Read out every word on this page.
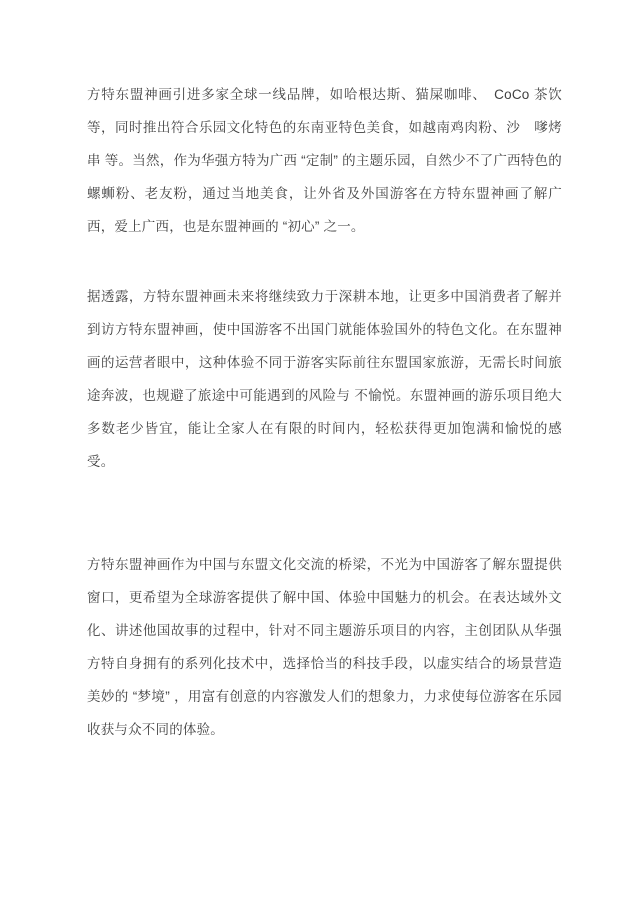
方特东盟神画引进多家全球一线品牌，如哈根达斯、猫屎咖啡、　CoCo 茶饮等，同时推出符合乐园文化特色的东南亚特色美食，如越南鸡肉粉、沙　嗲烤串 等。当然，作为华强方特为广西 “定制” 的主题乐园，自然少不了广西特色的螺蛳粉、老友粉，通过当地美食，让外省及外国游客在方特东盟神画了解广西，爱上广西，也是东盟神画的 “初心” 之一。

据透露，方特东盟神画未来将继续致力于深耕本地，让更多中国消费者了解并到访方特东盟神画，使中国游客不出国门就能体验国外的特色文化。在东盟神画的运营者眼中，这种体验不同于游客实际前往东盟国家旅游，无需长时间旅途奔波，也规避了旅途中可能遇到的风险与 不愉悦。东盟神画的游乐项目绝大多数老少皆宜，能让全家人在有限的时间内，轻松获得更加饱满和愉悦的感受。

方特东盟神画作为中国与东盟文化交流的桥梁，不光为中国游客了解东盟提供窗口，更希望为全球游客提供了解中国、体验中国魅力的机会。在表达域外文化、讲述他国故事的过程中，针对不同主题游乐项目的内容，主创团队从华强方特自身拥有的系列化技术中，选择恰当的科技手段，以虚实结合的场景营造美妙的 “梦境” ，用富有创意的内容激发人们的想象力，力求使每位游客在乐园收获与众不同的体验。
